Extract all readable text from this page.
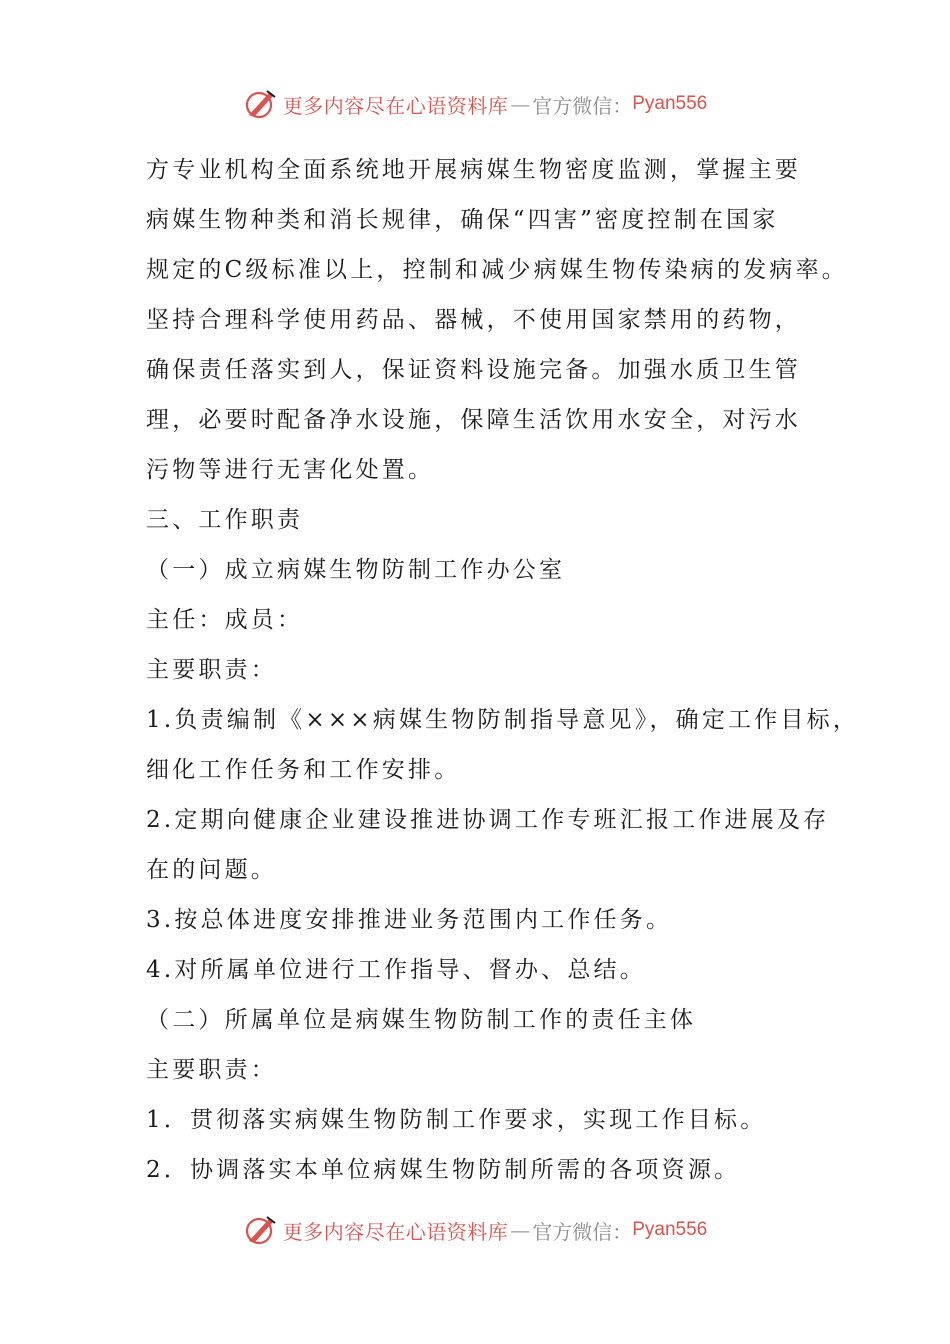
更多内容尽在心语资料库 — 官方微信： Pyan556
方专业机构全面系统地开展病媒生物密度监测，掌握主要
病媒生物种类和消长规律，确保“四害”密度控制在国家
规定的C级标准以上，控制和减少病媒生物传染病的发病率。
坚持合理科学使用药品、器械，不使用国家禁用的药物，
确保责任落实到人，保证资料设施完备。加强水质卫生管
理，必要时配备净水设施，保障生活饮用水安全，对污水
污物等进行无害化处置。
三、工作职责
（一）成立病媒生物防制工作办公室
主任：成员：
主要职责：
1.负责编制《×××病媒生物防制指导意见》，确定工作目标，
细化工作任务和工作安排。
2.定期向健康企业建设推进协调工作专班汇报工作进展及存
在的问题。
3.按总体进度安排推进业务范围内工作任务。
4.对所属单位进行工作指导、督办、总结。
（二）所属单位是病媒生物防制工作的责任主体
主要职责：
1．贯彻落实病媒生物防制工作要求，实现工作目标。
2．协调落实本单位病媒生物防制所需的各项资源。
更多内容尽在心语资料库 — 官方微信： Pyan556
